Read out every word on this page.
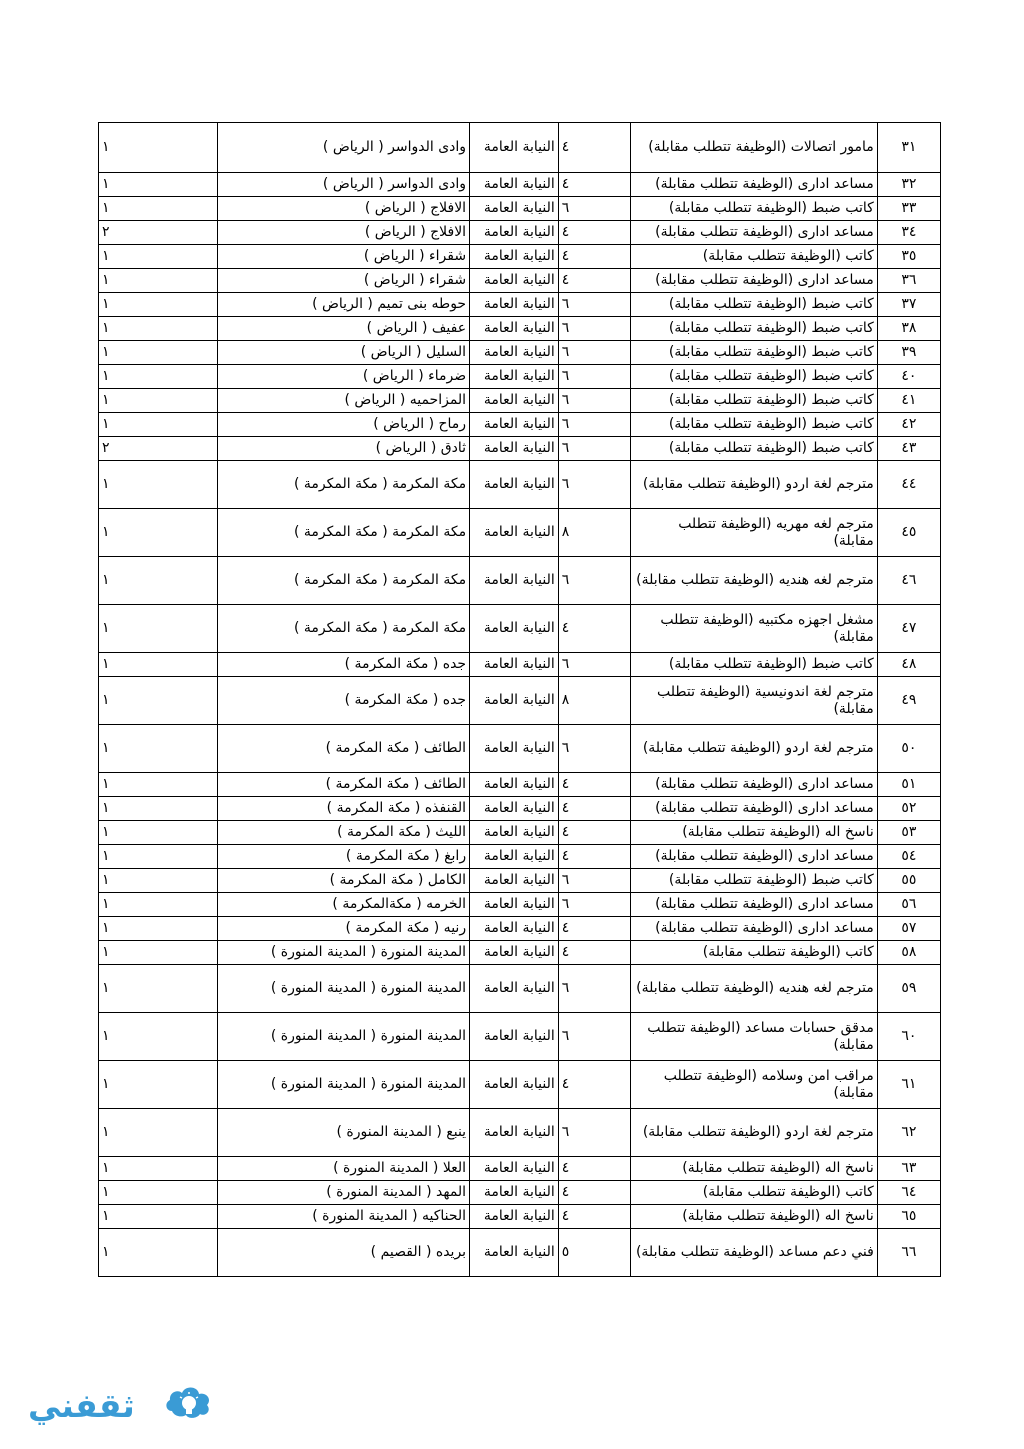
٣١	مامور اتصالات (الوظيفة تتطلب مقابلة)	٤	النيابة العامة	وادى الدواسر ( الرياض )	١
٣٢	مساعد ادارى (الوظيفة تتطلب مقابلة)	٤	النيابة العامة	وادى الدواسر ( الرياض )	١
٣٣	كاتب ضبط (الوظيفة تتطلب مقابلة)	٦	النيابة العامة	الافلاج ( الرياض )	١
٣٤	مساعد ادارى (الوظيفة تتطلب مقابلة)	٤	النيابة العامة	الافلاج ( الرياض )	٢
٣٥	كاتب (الوظيفة تتطلب مقابلة)	٤	النيابة العامة	شقراء ( الرياض )	١
٣٦	مساعد ادارى (الوظيفة تتطلب مقابلة)	٤	النيابة العامة	شقراء ( الرياض )	١
٣٧	كاتب ضبط (الوظيفة تتطلب مقابلة)	٦	النيابة العامة	حوطه بنى تميم ( الرياض )	١
٣٨	كاتب ضبط (الوظيفة تتطلب مقابلة)	٦	النيابة العامة	عفيف ( الرياض )	١
٣٩	كاتب ضبط (الوظيفة تتطلب مقابلة)	٦	النيابة العامة	السليل ( الرياض )	١
٤٠	كاتب ضبط (الوظيفة تتطلب مقابلة)	٦	النيابة العامة	ضرماء ( الرياض )	١
٤١	كاتب ضبط (الوظيفة تتطلب مقابلة)	٦	النيابة العامة	المزاحميه ( الرياض )	١
٤٢	كاتب ضبط (الوظيفة تتطلب مقابلة)	٦	النيابة العامة	رماح ( الرياض )	١
٤٣	كاتب ضبط (الوظيفة تتطلب مقابلة)	٦	النيابة العامة	ثادق ( الرياض )	٢
٤٤	مترجم لغة اردو (الوظيفة تتطلب مقابلة)	٦	النيابة العامة	مكة المكرمة ( مكة المكرمة )	١
٤٥	مترجم لغه مهريه (الوظيفة تتطلب مقابلة)	٨	النيابة العامة	مكة المكرمة ( مكة المكرمة )	١
٤٦	مترجم لغه هنديه (الوظيفة تتطلب مقابلة)	٦	النيابة العامة	مكة المكرمة ( مكة المكرمة )	١
٤٧	مشغل اجهزه مكتبيه (الوظيفة تتطلب مقابلة)	٤	النيابة العامة	مكة المكرمة ( مكة المكرمة )	١
٤٨	كاتب ضبط (الوظيفة تتطلب مقابلة)	٦	النيابة العامة	جده ( مكة المكرمة )	١
٤٩	مترجم لغة اندونيسية (الوظيفة تتطلب مقابلة)	٨	النيابة العامة	جده ( مكة المكرمة )	١
٥٠	مترجم لغة اردو (الوظيفة تتطلب مقابلة)	٦	النيابة العامة	الطائف ( مكة المكرمة )	١
٥١	مساعد ادارى (الوظيفة تتطلب مقابلة)	٤	النيابة العامة	الطائف ( مكة المكرمة )	١
٥٢	مساعد ادارى (الوظيفة تتطلب مقابلة)	٤	النيابة العامة	القنفذه ( مكة المكرمة )	١
٥٣	ناسخ اله (الوظيفة تتطلب مقابلة)	٤	النيابة العامة	الليث ( مكة المكرمة )	١
٥٤	مساعد ادارى (الوظيفة تتطلب مقابلة)	٤	النيابة العامة	رابغ ( مكة المكرمة )	١
٥٥	كاتب ضبط (الوظيفة تتطلب مقابلة)	٦	النيابة العامة	الكامل ( مكة المكرمة )	١
٥٦	مساعد ادارى (الوظيفة تتطلب مقابلة)	٦	النيابة العامة	الخرمه ( مكةالمكرمة )	١
٥٧	مساعد ادارى (الوظيفة تتطلب مقابلة)	٤	النيابة العامة	رنيه ( مكة المكرمة )	١
٥٨	كاتب (الوظيفة تتطلب مقابلة)	٤	النيابة العامة	المدينة المنورة ( المدينة المنورة )	١
٥٩	مترجم لغه هنديه (الوظيفة تتطلب مقابلة)	٦	النيابة العامة	المدينة المنورة ( المدينة المنورة )	١
٦٠	مدقق حسابات مساعد (الوظيفة تتطلب مقابلة)	٦	النيابة العامة	المدينة المنورة ( المدينة المنورة )	١
٦١	مراقب امن وسلامه (الوظيفة تتطلب مقابلة)	٤	النيابة العامة	المدينة المنورة ( المدينة المنورة )	١
٦٢	مترجم لغة اردو (الوظيفة تتطلب مقابلة)	٦	النيابة العامة	ينبع ( المدينة المنورة )	١
٦٣	ناسخ اله (الوظيفة تتطلب مقابلة)	٤	النيابة العامة	العلا ( المدينة المنورة )	١
٦٤	كاتب (الوظيفة تتطلب مقابلة)	٤	النيابة العامة	المهد ( المدينة المنورة )	١
٦٥	ناسخ اله (الوظيفة تتطلب مقابلة)	٤	النيابة العامة	الحناكيه ( المدينة المنورة )	١
٦٦	فني دعم مساعد (الوظيفة تتطلب مقابلة)	٥	النيابة العامة	بريده ( القصيم )	١
ثقفني
